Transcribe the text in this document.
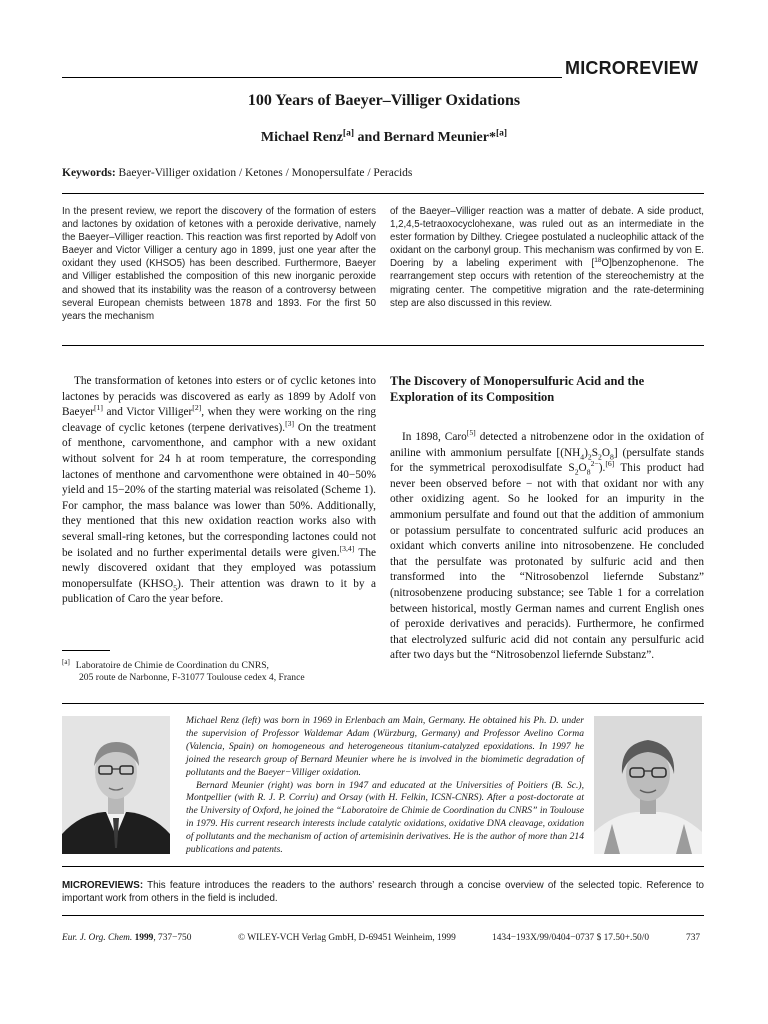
MICROREVIEW
100 Years of Baeyer–Villiger Oxidations
Michael Renz[a] and Bernard Meunier*[a]
Keywords: Baeyer-Villiger oxidation / Ketones / Monopersulfate / Peracids
In the present review, we report the discovery of the formation of esters and lactones by oxidation of ketones with a peroxide derivative, namely the Baeyer–Villiger reaction. This reaction was first reported by Adolf von Baeyer and Victor Villiger a century ago in 1899, just one year after the oxidant they used (KHSO5) has been described. Furthermore, Baeyer and Villiger established the composition of this new inorganic peroxide and showed that its instability was the reason of a controversy between several European chemists between 1878 and 1893. For the first 50 years the mechanism
of the Baeyer–Villiger reaction was a matter of debate. A side product, 1,2,4,5-tetraoxocyclohexane, was ruled out as an intermediate in the ester formation by Dilthey. Criegee postulated a nucleophilic attack of the oxidant on the carbonyl group. This mechanism was confirmed by von E. Doering by a labeling experiment with [$^{18}$O]benzophenone. The rearrangement step occurs with retention of the stereochemistry at the migrating center. The competitive migration and the rate-determining step are also discussed in this review.
The transformation of ketones into esters or of cyclic ketones into lactones by peracids was discovered as early as 1899 by Adolf von Baeyer[1] and Victor Villiger[2], when they were working on the ring cleavage of cyclic ketones (terpene derivatives).[3] On the treatment of menthone, carvomenthone, and camphor with a new oxidant without solvent for 24 h at room temperature, the corresponding lactones of menthone and carvomenthone were obtained in 40−50% yield and 15−20% of the starting material was reisolated (Scheme 1). For camphor, the mass balance was lower than 50%. Additionally, they mentioned that this new oxidation reaction works also with several small-ring ketones, but the corresponding lactones could not be isolated and no further experimental details were given.[3,4] The newly discovered oxidant that they employed was potassium monopersulfate $(KHSO_5)$. Their attention was drawn to it by a publication of Caro the year before.
[a] Laboratoire de Chimie de Coordination du CNRS,
205 route de Narbonne, F-31077 Toulouse cedex 4, France
The Discovery of Monopersulfuric Acid and the Exploration of its Composition
In 1898, Caro[5] detected a nitrobenzene odor in the oxidation of aniline with ammonium persulfate $[(NH_4)_2S_2O_8]$ (persulfate stands for the symmetrical peroxodisulfate $S_2O_8^{2-}).[6]$ This product had never been observed before − not with that oxidant nor with any other oxidizing agent. So he looked for an impurity in the ammonium persulfate and found out that the addition of ammonium or potassium persulfate to concentrated sulfuric acid produces an oxidant which converts aniline into nitrosobenzene. He concluded that the persulfate was protonated by sulfuric acid and then transformed into the “Nitrosobenzol liefernde Substanz” (nitrosobenzene producing substance; see Table 1 for a correlation between historical, mostly German names and current English ones of peroxide derivatives and peracids). Furthermore, he confirmed that electrolyzed sulfuric acid did not contain any persulfuric acid after two days but the “Nitrosobenzol liefernde Substanz”.

Michael Renz (left) was born in 1969 in Erlenbach am Main, Germany. He obtained his Ph. D. under the supervision of Professor Waldemar Adam (Würzburg, Germany) and Professor Avelino Corma (Valencia, Spain) on homogeneous and heterogeneous titanium-catalyzed epoxidations. In 1997 he joined the research group of Bernard Meunier where he is involved in the biomimetic degradation of pollutants and the Baeyer−Villiger oxidation.

Bernard Meunier (right) was born in 1947 and educated at the Universities of Poitiers (B. Sc.), Montpellier (with R. J. P. Corriu) and Orsay (with H. Felkin, ICSN-CNRS). After a post-doctorate at the University of Oxford, he joined the “Laboratoire de Chimie de Coordination du CNRS” in Toulouse in 1979. His current research interests include catalytic oxidations, oxidative DNA cleavage, oxidation of pollutants and the mechanism of action of artemisinin derivatives. He is the author of more than 214 publications and patents.

MICROREVIEWS: This feature introduces the readers to the authors’ research through a concise overview of the selected topic. Reference to important work from others in the field is included.
Eur. J. Org. Chem. 1999, 737−750	© WILEY-VCH Verlag GmbH, D-69451 Weinheim, 1999	1434−193X/99/0404−0737 $ 17.50+.50/0	737
